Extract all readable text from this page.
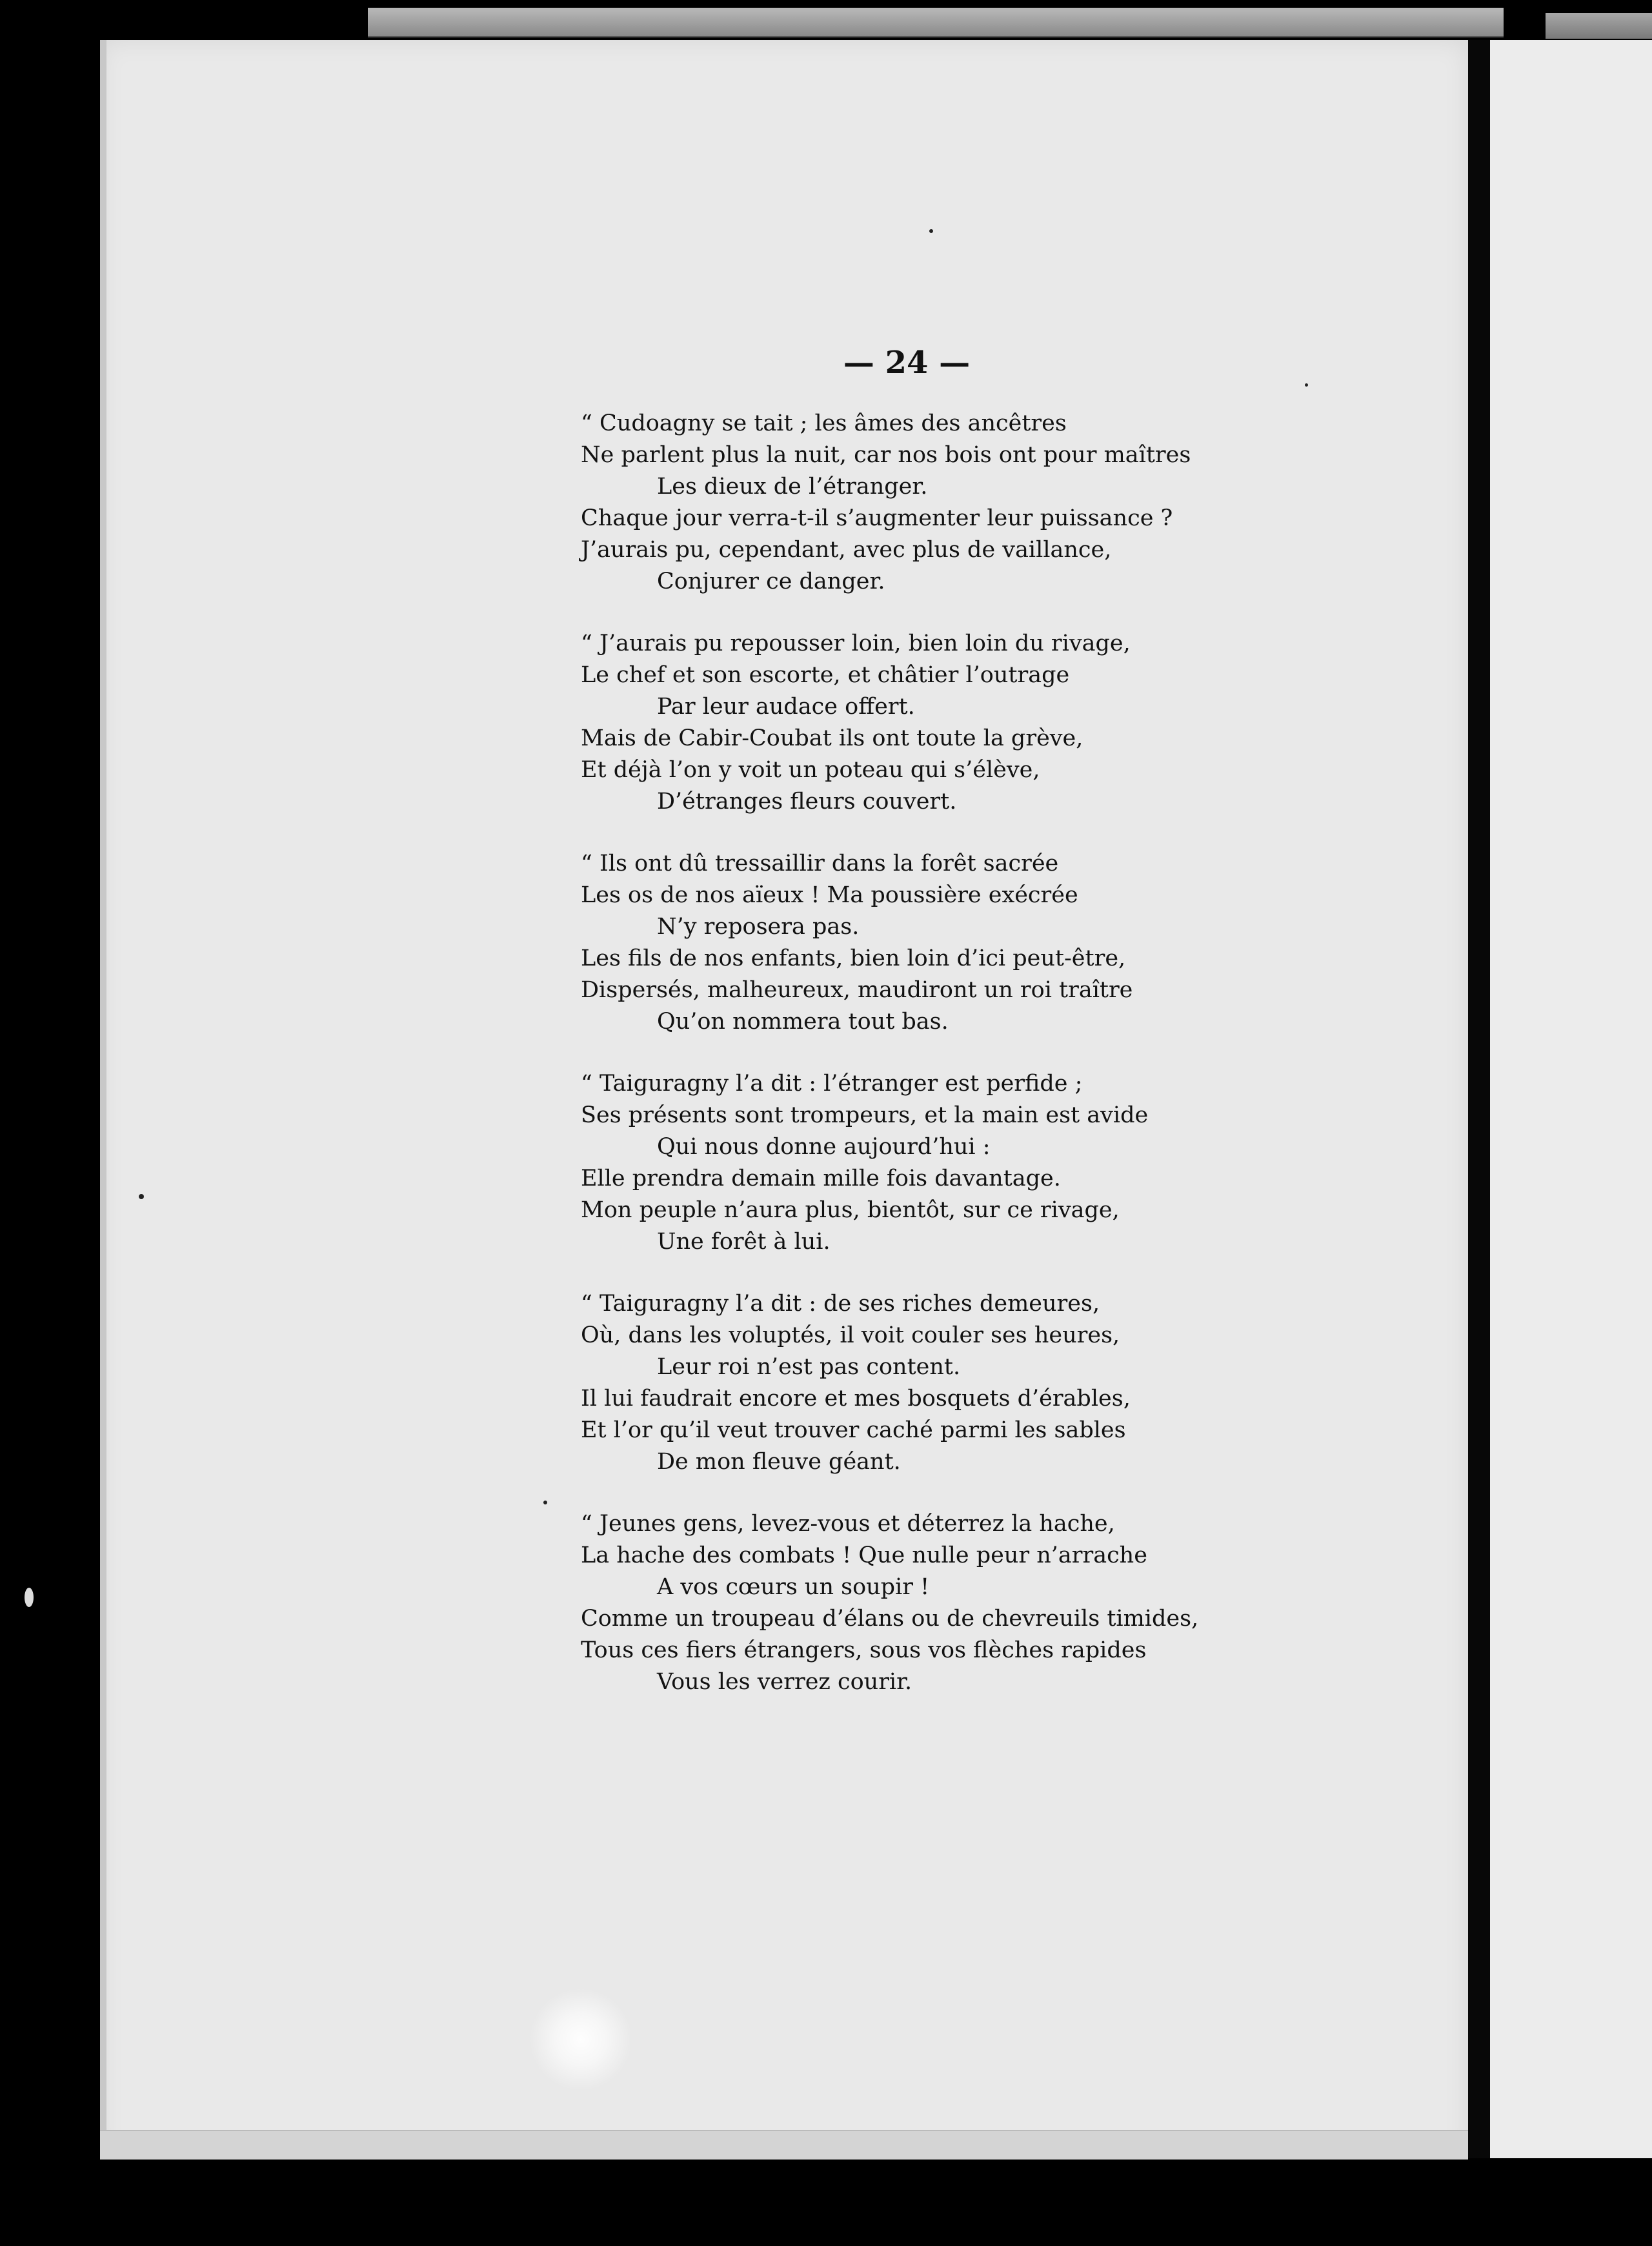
— 24 —
“ Cudoagny se tait ; les âmes des ancêtres
Ne parlent plus la nuit, car nos bois ont pour maîtres
Les dieux de l’étranger.
Chaque jour verra-t-il s’augmenter leur puissance ?
J’aurais pu, cependant, avec plus de vaillance,
Conjurer ce danger.
“ J’aurais pu repousser loin, bien loin du rivage,
Le chef et son escorte, et châtier l’outrage
Par leur audace offert.
Mais de Cabir-Coubat ils ont toute la grève,
Et déjà l’on y voit un poteau qui s’élève,
D’étranges fleurs couvert.
“ Ils ont dû tressaillir dans la forêt sacrée
Les os de nos aïeux ! Ma poussière exécrée
N’y reposera pas.
Les fils de nos enfants, bien loin d’ici peut-être,
Dispersés, malheureux, maudiront un roi traître
Qu’on nommera tout bas.
“ Taiguragny l’a dit : l’étranger est perfide ;
Ses présents sont trompeurs, et la main est avide
Qui nous donne aujourd’hui :
Elle prendra demain mille fois davantage.
Mon peuple n’aura plus, bientôt, sur ce rivage,
Une forêt à lui.
“ Taiguragny l’a dit : de ses riches demeures,
Où, dans les voluptés, il voit couler ses heures,
Leur roi n’est pas content.
Il lui faudrait encore et mes bosquets d’érables,
Et l’or qu’il veut trouver caché parmi les sables
De mon fleuve géant.
“ Jeunes gens, levez-vous et déterrez la hache,
La hache des combats ! Que nulle peur n’arrache
A vos cœurs un soupir !
Comme un troupeau d’élans ou de chevreuils timides,
Tous ces fiers étrangers, sous vos flèches rapides
Vous les verrez courir.
